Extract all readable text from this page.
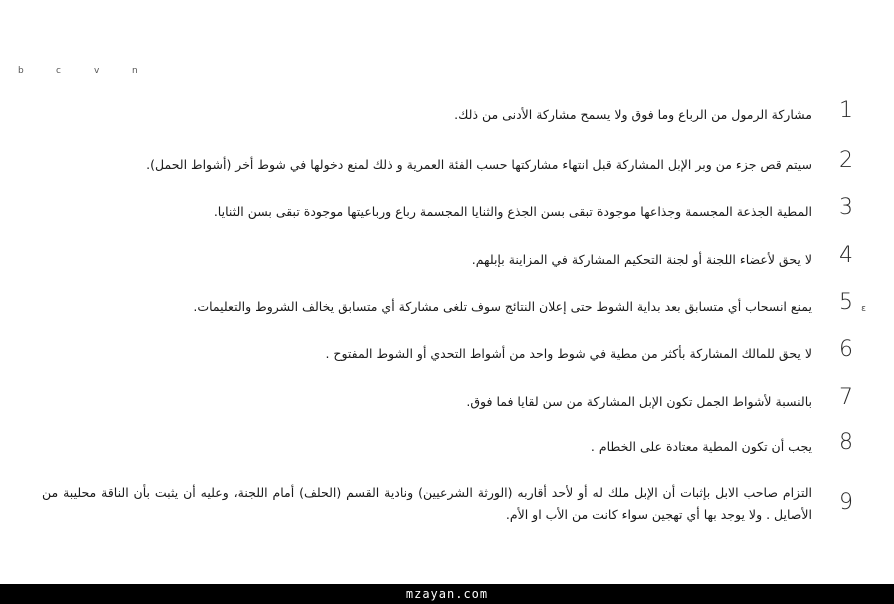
b	c	v	n
1
مشاركة الرمول من الرباع وما فوق ولا يسمح مشاركة الأدنى من ذلك.
2
سيتم قص جزء من وبر الإبل المشاركة قبل انتهاء مشاركتها حسب الفئة العمرية و ذلك لمنع دخولها في شوط أخر (أشواط الحمل).
3
المطية الجذعة المجسمة وجذاعها موجودة تبقى بسن الجذع والثنايا المجسمة رباع ورباعيتها موجودة تبقى بسن الثنايا.
4
لا يحق لأعضاء اللجنة أو لجنة التحكيم المشاركة في المزاينة بإبلهم.
5
يمنع انسحاب أي متسابق بعد بداية الشوط حتى إعلان النتائج سوف تلغى مشاركة أي متسابق يخالف الشروط والتعليمات.
6
لا يحق للمالك المشاركة بأكثر من مطية في شوط واحد من أشواط التحدي أو الشوط المفتوح .
7
بالنسبة لأشواط الجمل تكون الإبل المشاركة من سن لقايا فما فوق.
8
يجب أن تكون المطية معتادة على الخطام .
9
التزام صاحب الابل بإثبات أن الإبل ملك له أو لأحد أقاربه (الورثة الشرعيين) ونادية القسم (الحلف) أمام اللجنة، وعليه أن يثبت بأن الناقة محليبة من الأصايل . ولا يوجد بها أي تهجين سواء كانت من الأب او الأم.
ε
mzayan.com
